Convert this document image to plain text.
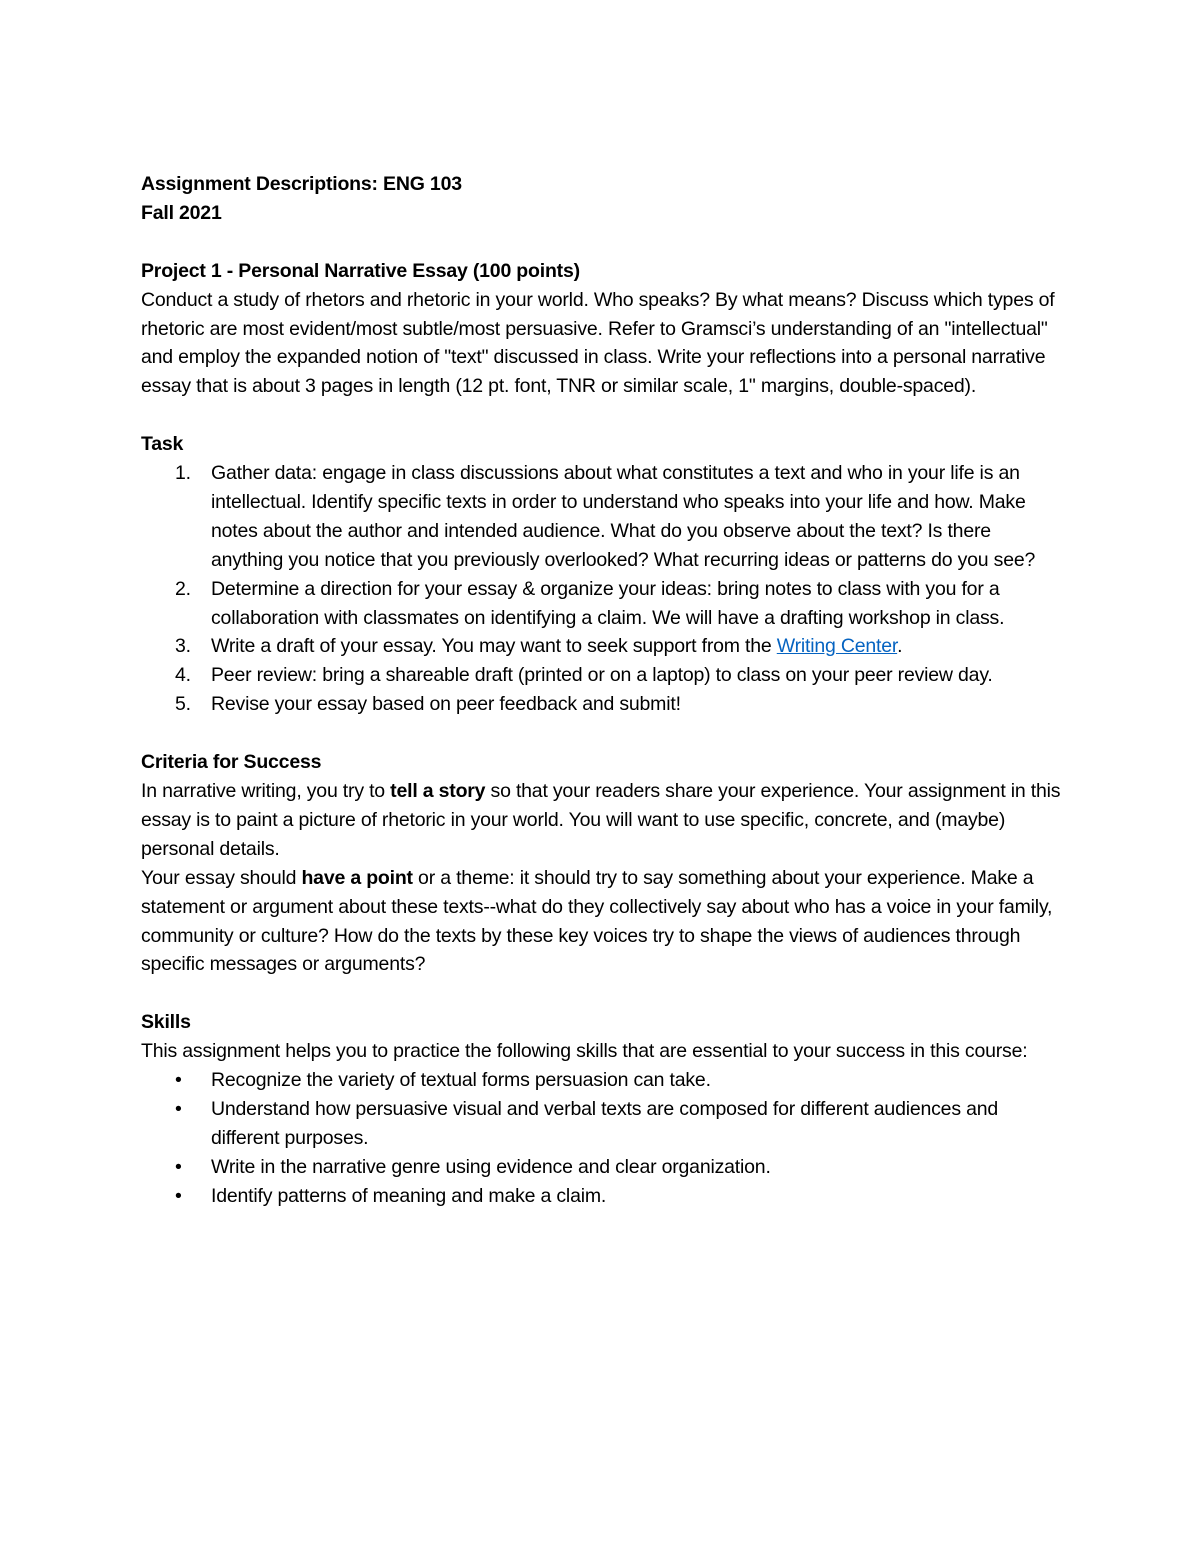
Assignment Descriptions: ENG 103

Fall 2021

Project 1 - Personal Narrative Essay (100 points)

Conduct a study of rhetors and rhetoric in your world. Who speaks? By what means? Discuss which types of rhetoric are most evident/most subtle/most persuasive. Refer to Gramsci’s understanding of an "intellectual" and employ the expanded notion of "text" discussed in class. Write your reflections into a personal narrative essay that is about 3 pages in length (12 pt. font, TNR or similar scale, 1" margins, double-spaced).

Task

1. Gather data: engage in class discussions about what constitutes a text and who in your life is an intellectual. Identify specific texts in order to understand who speaks into your life and how. Make notes about the author and intended audience. What do you observe about the text? Is there anything you notice that you previously overlooked? What recurring ideas or patterns do you see?
2. Determine a direction for your essay & organize your ideas: bring notes to class with you for a collaboration with classmates on identifying a claim. We will have a drafting workshop in class.
3. Write a draft of your essay. You may want to seek support from the Writing Center.
4. Peer review: bring a shareable draft (printed or on a laptop) to class on your peer review day.
5. Revise your essay based on peer feedback and submit!

Criteria for Success

In narrative writing, you try to tell a story so that your readers share your experience. Your assignment in this essay is to paint a picture of rhetoric in your world. You will want to use specific, concrete, and (maybe) personal details.

Your essay should have a point or a theme: it should try to say something about your experience. Make a statement or argument about these texts--what do they collectively say about who has a voice in your family, community or culture? How do the texts by these key voices try to shape the views of audiences through specific messages or arguments?

Skills

This assignment helps you to practice the following skills that are essential to your success in this course:

• Recognize the variety of textual forms persuasion can take.
• Understand how persuasive visual and verbal texts are composed for different audiences and different purposes.
• Write in the narrative genre using evidence and clear organization.
• Identify patterns of meaning and make a claim.
